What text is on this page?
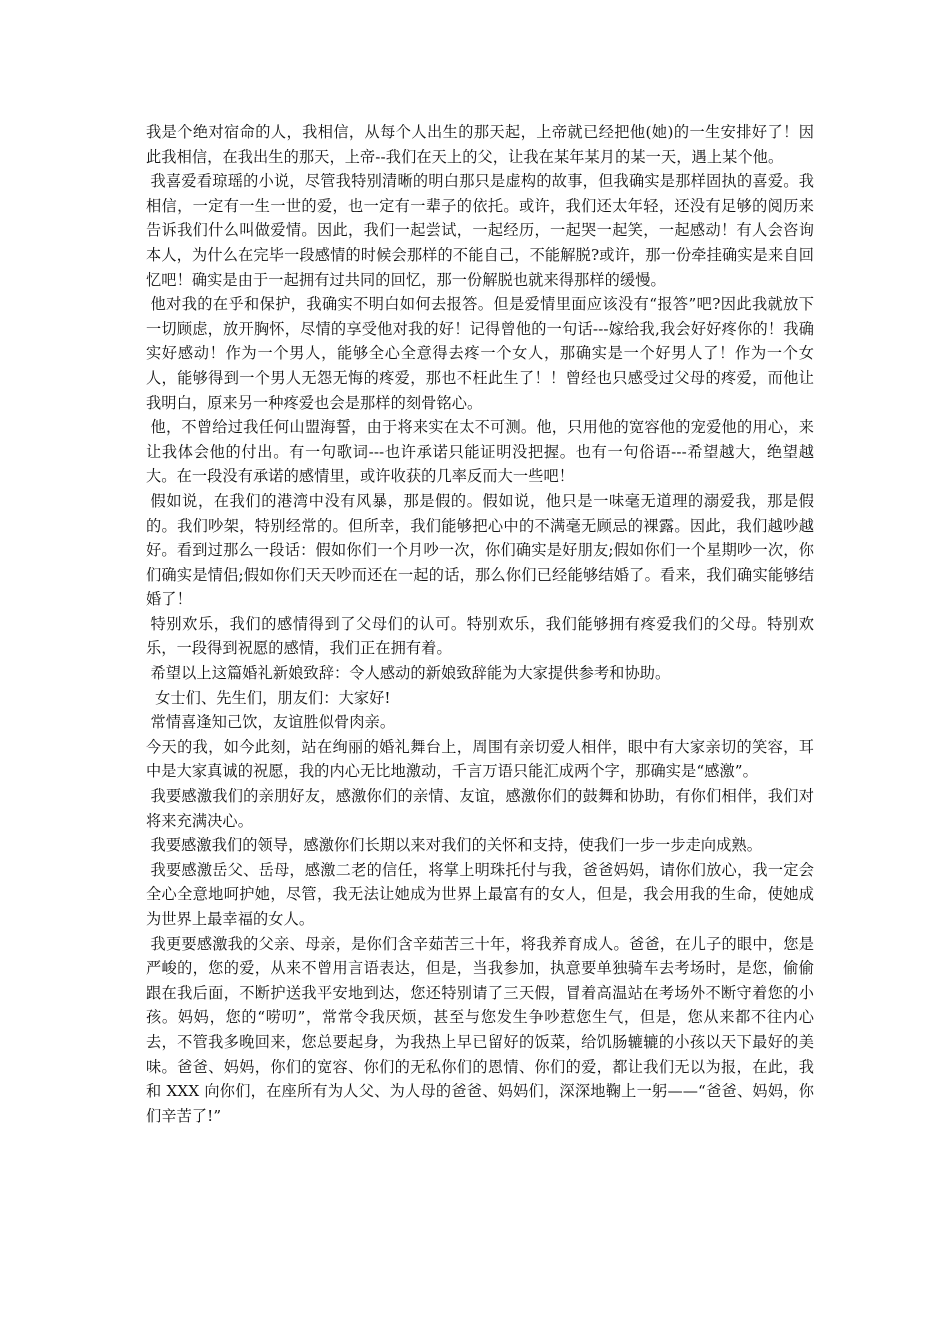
我是个绝对宿命的人，我相信，从每个人出生的那天起，上帝就已经把他(她)的一生安排好了！因此我相信，在我出生的那天，上帝--我们在天上的父，让我在某年某月的某一天，遇上某个他。

我喜爱看琼瑶的小说，尽管我特别清晰的明白那只是虚构的故事，但我确实是那样固执的喜爱。我相信，一定有一生一世的爱，也一定有一辈子的依托。或许，我们还太年轻，还没有足够的阅历来告诉我们什么叫做爱情。因此，我们一起尝试，一起经历，一起哭一起笑，一起感动！有人会咨询本人，为什么在完毕一段感情的时候会那样的不能自己，不能解脱?或许，那一份牵挂确实是来自回忆吧！确实是由于一起拥有过共同的回忆，那一份解脱也就来得那样的缓慢。

他对我的在乎和保护，我确实不明白如何去报答。但是爱情里面应该没有“报答”吧?因此我就放下一切顾虑，放开胸怀，尽情的享受他对我的好！记得曾他的一句话---嫁给我,我会好好疼你的！我确实好感动！作为一个男人，能够全心全意得去疼一个女人，那确实是一个好男人了！作为一个女人，能够得到一个男人无怨无悔的疼爱，那也不枉此生了！！曾经也只感受过父母的疼爱，而他让我明白，原来另一种疼爱也会是那样的刻骨铭心。

他，不曾给过我任何山盟海誓，由于将来实在太不可测。他，只用他的宽容他的宠爱他的用心，来让我体会他的付出。有一句歌词---也许承诺只能证明没把握。也有一句俗语---希望越大，绝望越大。在一段没有承诺的感情里，或许收获的几率反而大一些吧！

假如说，在我们的港湾中没有风暴，那是假的。假如说，他只是一味毫无道理的溺爱我，那是假的。我们吵架，特别经常的。但所幸，我们能够把心中的不满毫无顾忌的裸露。因此，我们越吵越好。看到过那么一段话：假如你们一个月吵一次，你们确实是好朋友;假如你们一个星期吵一次，你们确实是情侣;假如你们天天吵而还在一起的话，那么你们已经能够结婚了。看来，我们确实能够结婚了！

特别欢乐，我们的感情得到了父母们的认可。特别欢乐，我们能够拥有疼爱我们的父母。特别欢乐，一段得到祝愿的感情，我们正在拥有着。

希望以上这篇婚礼新娘致辞：令人感动的新娘致辞能为大家提供参考和协助。

女士们、先生们，朋友们：大家好!

常情喜逢知己饮，友谊胜似骨肉亲。

今天的我，如今此刻，站在绚丽的婚礼舞台上，周围有亲切爱人相伴，眼中有大家亲切的笑容，耳中是大家真诚的祝愿，我的内心无比地激动，千言万语只能汇成两个字，那确实是“感激”。

我要感激我们的亲朋好友，感激你们的亲情、友谊，感激你们的鼓舞和协助，有你们相伴，我们对将来充满决心。

我要感激我们的领导，感激你们长期以来对我们的关怀和支持，使我们一步一步走向成熟。

我要感激岳父、岳母，感激二老的信任，将掌上明珠托付与我，爸爸妈妈，请你们放心，我一定会全心全意地呵护她，尽管，我无法让她成为世界上最富有的女人，但是，我会用我的生命，使她成为世界上最幸福的女人。

我更要感激我的父亲、母亲，是你们含辛茹苦三十年，将我养育成人。爸爸，在儿子的眼中，您是严峻的，您的爱，从来不曾用言语表达，但是，当我参加，执意要单独骑车去考场时，是您，偷偷跟在我后面，不断护送我平安地到达，您还特别请了三天假，冒着高温站在考场外不断守着您的小孩。妈妈，您的“唠叨”，常常令我厌烦，甚至与您发生争吵惹您生气，但是，您从来都不往内心去，不管我多晚回来，您总要起身，为我热上早已留好的饭菜，给饥肠辘辘的小孩以天下最好的美味。爸爸、妈妈，你们的宽容、你们的无私你们的恩情、你们的爱，都让我们无以为报，在此，我和 XXX 向你们，在座所有为人父、为人母的爸爸、妈妈们，深深地鞠上一躬——“爸爸、妈妈，你们辛苦了!”
